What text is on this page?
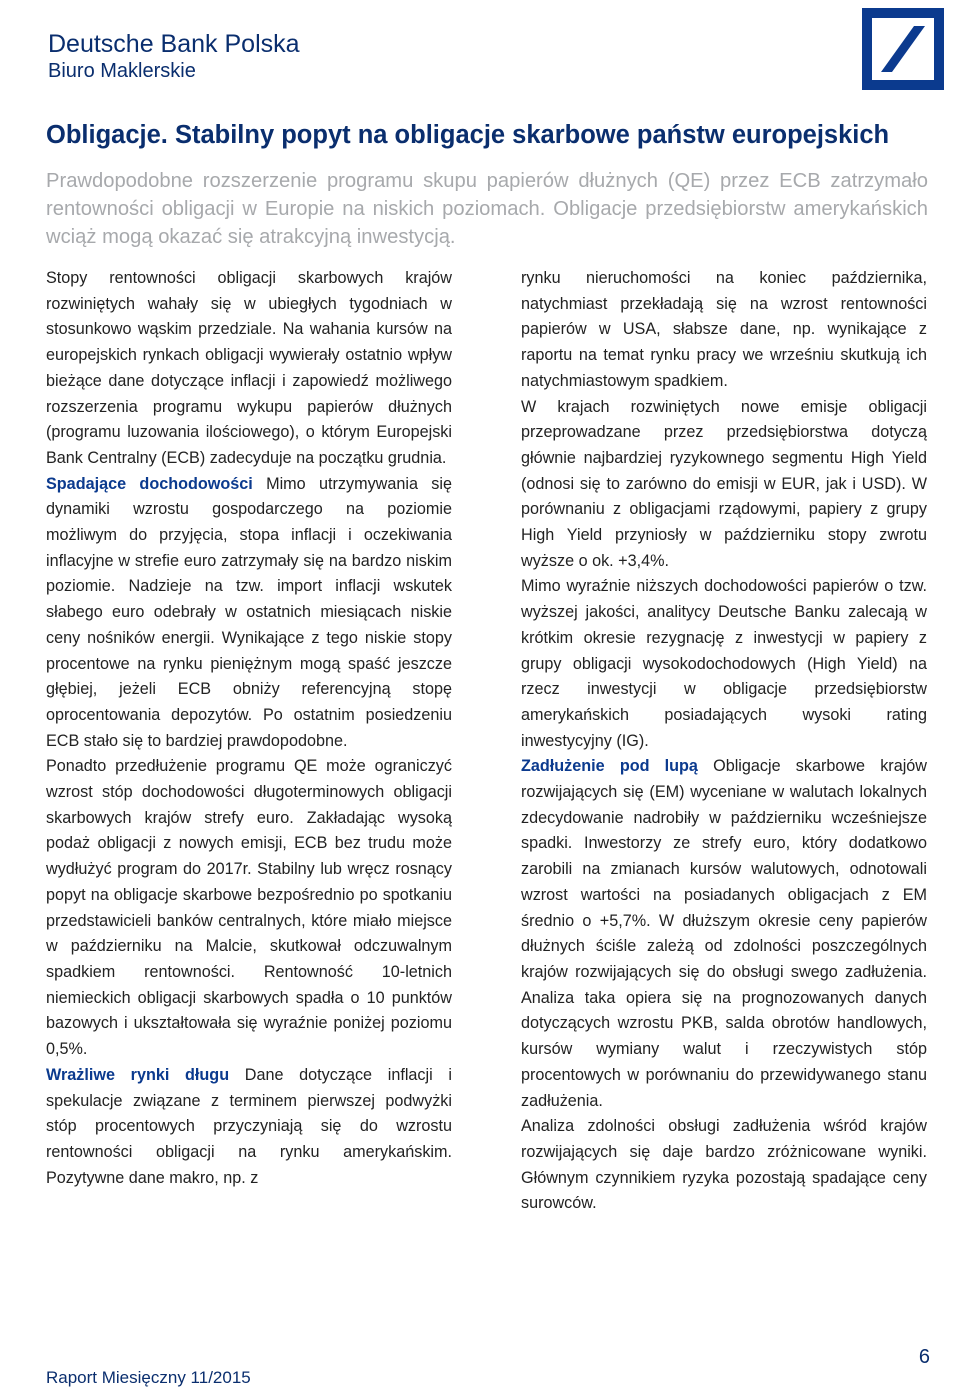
Deutsche Bank Polska
Biuro Maklerskie
Obligacje. Stabilny popyt na obligacje skarbowe państw europejskich
Prawdopodobne rozszerzenie programu skupu papierów dłużnych (QE) przez ECB zatrzymało rentowności obligacji w Europie na niskich poziomach. Obligacje przedsiębiorstw amerykańskich wciąż mogą okazać się atrakcyjną inwestycją.

Stopy rentowności obligacji skarbowych krajów rozwiniętych wahały się w ubiegłych tygodniach w stosunkowo wąskim przedziale. Na wahania kursów na europejskich rynkach obligacji wywierały ostatnio wpływ bieżące dane dotyczące inflacji i zapowiedź możliwego rozszerzenia programu wykupu papierów dłużnych (programu luzowania ilościowego), o którym Europejski Bank Centralny (ECB) zadecyduje na początku grudnia.

Spadające dochodowości Mimo utrzymywania się dynamiki wzrostu gospodarczego na poziomie możliwym do przyjęcia, stopa inflacji i oczekiwania inflacyjne w strefie euro zatrzymały się na bardzo niskim poziomie. Nadzieje na tzw. import inflacji wskutek słabego euro odebrały w ostatnich miesiącach niskie ceny nośników energii. Wynikające z tego niskie stopy procentowe na rynku pieniężnym mogą spaść jeszcze głębiej, jeżeli ECB obniży referencyjną stopę oprocentowania depozytów. Po ostatnim posiedzeniu ECB stało się to bardziej prawdopodobne.

Ponadto przedłużenie programu QE może ograniczyć wzrost stóp dochodowości długoterminowych obligacji skarbowych krajów strefy euro. Zakładając wysoką podaż obligacji z nowych emisji, ECB bez trudu może wydłużyć program do 2017r. Stabilny lub wręcz rosnący popyt na obligacje skarbowe bezpośrednio po spotkaniu przedstawicieli banków centralnych, które miało miejsce w październiku na Malcie, skutkował odczuwalnym spadkiem rentowności. Rentowność 10-letnich niemieckich obligacji skarbowych spadła o 10 punktów bazowych i ukształtowała się wyraźnie poniżej poziomu 0,5%.

Wrażliwe rynki długu Dane dotyczące inflacji i spekulacje związane z terminem pierwszej podwyżki stóp procentowych przyczyniają się do wzrostu rentowności obligacji na rynku amerykańskim. Pozytywne dane makro, np. z

rynku nieruchomości na koniec października, natychmiast przekładają się na wzrost rentowności papierów w USA, słabsze dane, np. wynikające z raportu na temat rynku pracy we wrześniu skutkują ich natychmiastowym spadkiem.

W krajach rozwiniętych nowe emisje obligacji przeprowadzane przez przedsiębiorstwa dotyczą głównie najbardziej ryzykownego segmentu High Yield (odnosi się to zarówno do emisji w EUR, jak i USD). W porównaniu z obligacjami rządowymi, papiery z grupy High Yield przyniosły w październiku stopy zwrotu wyższe o ok. +3,4%.

Mimo wyraźnie niższych dochodowości papierów o tzw. wyższej jakości, analitycy Deutsche Banku zalecają w krótkim okresie rezygnację z inwestycji w papiery z grupy obligacji wysokodochodowych (High Yield) na rzecz inwestycji w obligacje przedsiębiorstw amerykańskich posiadających wysoki rating inwestycyjny (IG).

Zadłużenie pod lupą Obligacje skarbowe krajów rozwijających się (EM) wyceniane w walutach lokalnych zdecydowanie nadrobiły w październiku wcześniejsze spadki. Inwestorzy ze strefy euro, który dodatkowo zarobili na zmianach kursów walutowych, odnotowali wzrost wartości na posiadanych obligacjach z EM średnio o +5,7%. W dłuższym okresie ceny papierów dłużnych ściśle zależą od zdolności poszczególnych krajów rozwijających się do obsługi swego zadłużenia. Analiza taka opiera się na prognozowanych danych dotyczących wzrostu PKB, salda obrotów handlowych, kursów wymiany walut i rzeczywistych stóp procentowych w porównaniu do przewidywanego stanu zadłużenia.

Analiza zdolności obsługi zadłużenia wśród krajów rozwijających się daje bardzo zróżnicowane wyniki. Głównym czynnikiem ryzyka pozostają spadające ceny surowców.

Raport Miesięczny 11/2015
6
